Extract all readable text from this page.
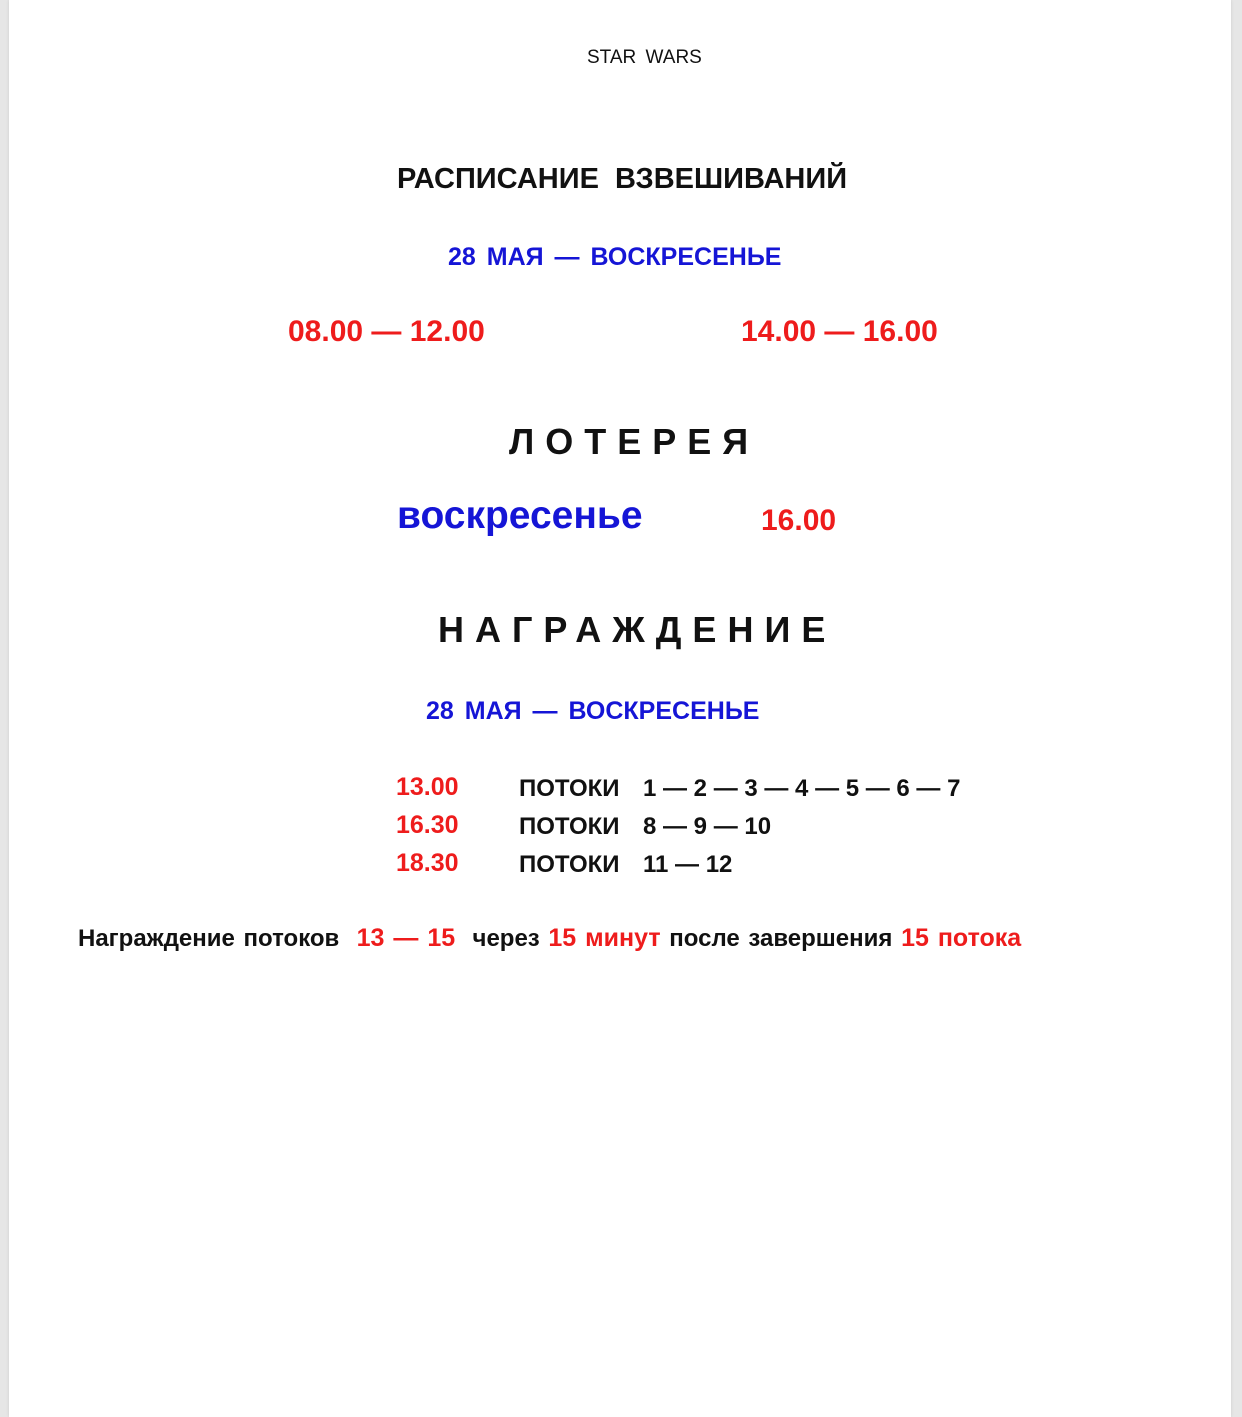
STAR WARS
РАСПИСАНИЕ ВЗВЕШИВАНИЙ
28 МАЯ — ВОСКРЕСЕНЬЕ
08.00 — 12.00	14.00 — 16.00
ЛОТЕРЕЯ
воскресенье	16.00
НАГРАЖДЕНИЕ
28 МАЯ — ВОСКРЕСЕНЬЕ
13.00	ПОТОКИ 1 — 2 — 3 — 4 — 5 — 6 — 7
16.30	ПОТОКИ 8 — 9 — 10
18.30	ПОТОКИ 11 — 12
Награждение потоков 13 — 15 через 15 минут после завершения 15 потока
